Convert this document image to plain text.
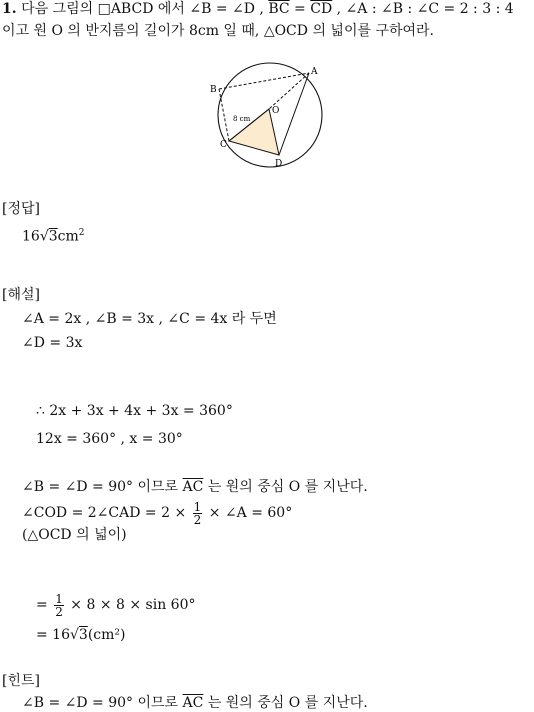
1. 다음 그림의 □ABCD 에서 ∠B = ∠D , $\overline{BC} = \overline{CD}$ , ∠A : ∠B : ∠C = 2 : 3 : 4
이고 원 O 의 반지름의 길이가 8cm 일 때, △OCD 의 넓이를 구하여라.
A
B
C
D
O
8 cm
[정답]
$16√3cm^2$
[해설]
∠A = 2x , ∠B = 3x , ∠C = 4x 라 두면
∠D = 3x
∴ 2x + 3x + 4x + 3x = 360°
12x = 360° , x = 30°
∠B = ∠D = 90° 이므로 $\overline{AC}$ 는 원의 중심 O 를 지난다.
∠COD = 2∠CAD = $2 \times \frac{1}{2}$ × ∠A = 60°
(△OCD 의 넓이)
= $\frac{1}{2} \times 8 \times 8 \times \sin 60^\circ$
= 16√3(cm²)
[힌트]
∠B = ∠D = 90° 이므로 $\overline{AC}$ 는 원의 중심 O 를 지난다.
